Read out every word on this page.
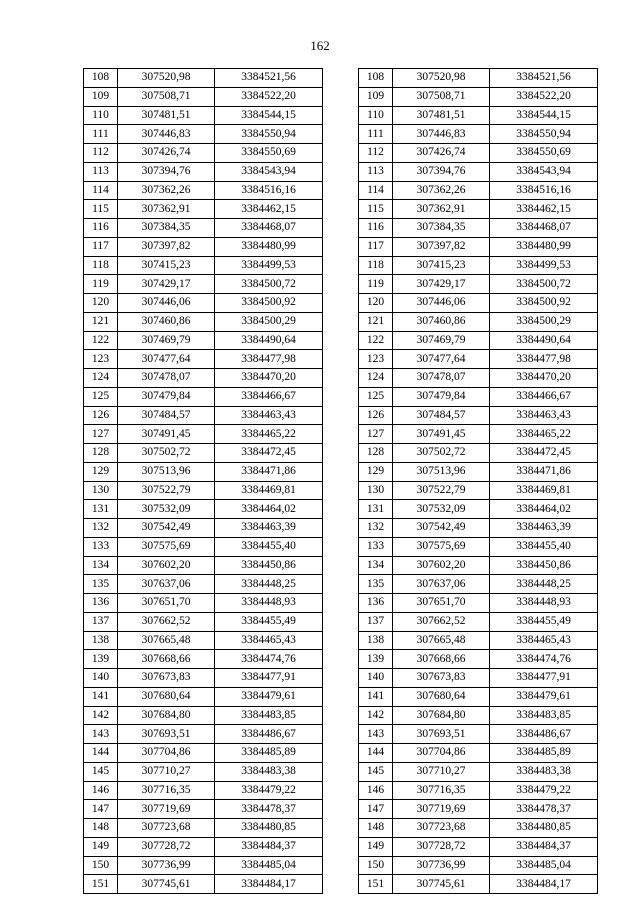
162
108	307520,98	3384521,56
109	307508,71	3384522,20
110	307481,51	3384544,15
111	307446,83	3384550,94
112	307426,74	3384550,69
113	307394,76	3384543,94
114	307362,26	3384516,16
115	307362,91	3384462,15
116	307384,35	3384468,07
117	307397,82	3384480,99
118	307415,23	3384499,53
119	307429,17	3384500,72
120	307446,06	3384500,92
121	307460,86	3384500,29
122	307469,79	3384490,64
123	307477,64	3384477,98
124	307478,07	3384470,20
125	307479,84	3384466,67
126	307484,57	3384463,43
127	307491,45	3384465,22
128	307502,72	3384472,45
129	307513,96	3384471,86
130	307522,79	3384469,81
131	307532,09	3384464,02
132	307542,49	3384463,39
133	307575,69	3384455,40
134	307602,20	3384450,86
135	307637,06	3384448,25
136	307651,70	3384448,93
137	307662,52	3384455,49
138	307665,48	3384465,43
139	307668,66	3384474,76
140	307673,83	3384477,91
141	307680,64	3384479,61
142	307684,80	3384483,85
143	307693,51	3384486,67
144	307704,86	3384485,89
145	307710,27	3384483,38
146	307716,35	3384479,22
147	307719,69	3384478,37
148	307723,68	3384480,85
149	307728,72	3384484,37
150	307736,99	3384485,04
151	307745,61	3384484,17
108	307520,98	3384521,56
109	307508,71	3384522,20
110	307481,51	3384544,15
111	307446,83	3384550,94
112	307426,74	3384550,69
113	307394,76	3384543,94
114	307362,26	3384516,16
115	307362,91	3384462,15
116	307384,35	3384468,07
117	307397,82	3384480,99
118	307415,23	3384499,53
119	307429,17	3384500,72
120	307446,06	3384500,92
121	307460,86	3384500,29
122	307469,79	3384490,64
123	307477,64	3384477,98
124	307478,07	3384470,20
125	307479,84	3384466,67
126	307484,57	3384463,43
127	307491,45	3384465,22
128	307502,72	3384472,45
129	307513,96	3384471,86
130	307522,79	3384469,81
131	307532,09	3384464,02
132	307542,49	3384463,39
133	307575,69	3384455,40
134	307602,20	3384450,86
135	307637,06	3384448,25
136	307651,70	3384448,93
137	307662,52	3384455,49
138	307665,48	3384465,43
139	307668,66	3384474,76
140	307673,83	3384477,91
141	307680,64	3384479,61
142	307684,80	3384483,85
143	307693,51	3384486,67
144	307704,86	3384485,89
145	307710,27	3384483,38
146	307716,35	3384479,22
147	307719,69	3384478,37
148	307723,68	3384480,85
149	307728,72	3384484,37
150	307736,99	3384485,04
151	307745,61	3384484,17
